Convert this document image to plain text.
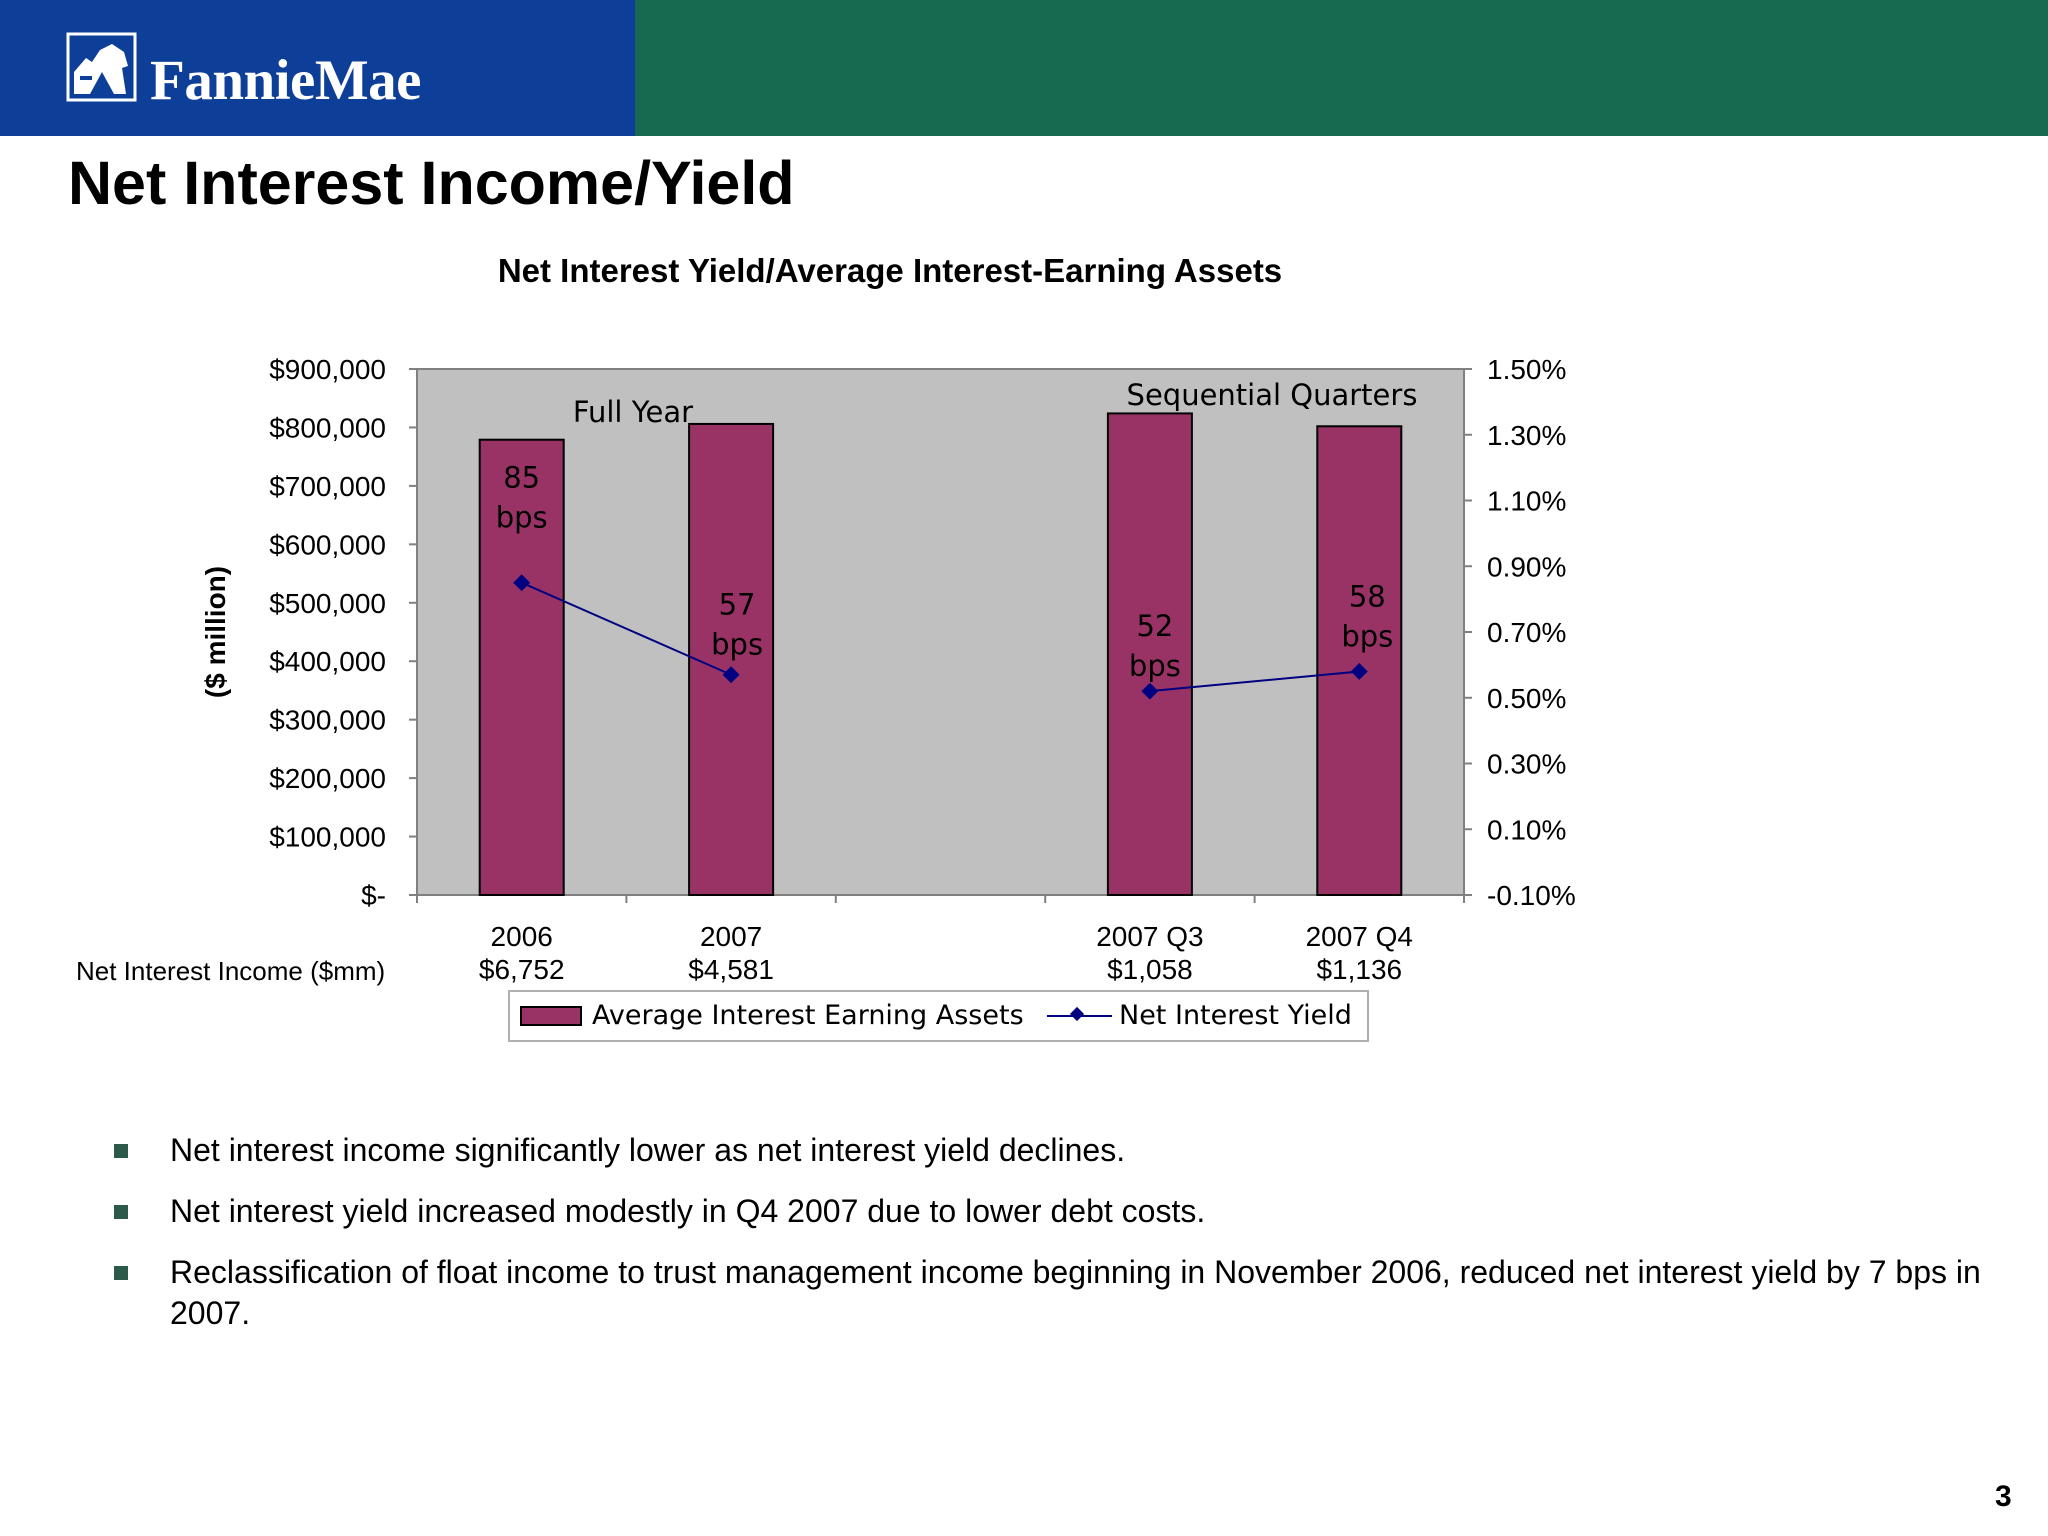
FannieMae
Net Interest Income/Yield
Net Interest Yield/Average Interest-Earning Assets
$-
$100,000
$200,000
$300,000
$400,000
$500,000
$600,000
$700,000
$800,000
$900,000
-0.10%
0.10%
0.30%
0.50%
0.70%
0.90%
1.10%
1.30%
1.50%
2006
$6,752
2007
$4,581
2007 Q3
$1,058
2007 Q4
$1,136
85
bps
57
bps
52
bps
58
bps
($ million)
Full Year	Sequential Quarters
Net Interest Income ($mm)
Average Interest Earning Assets	Net Interest Yield
Net interest income significantly lower as net interest yield declines.
Net interest yield increased modestly in Q4 2007 due to lower debt costs.
Reclassification of float income to trust management income beginning in November 2006, reduced net interest yield by 7 bps in 2007.
3
